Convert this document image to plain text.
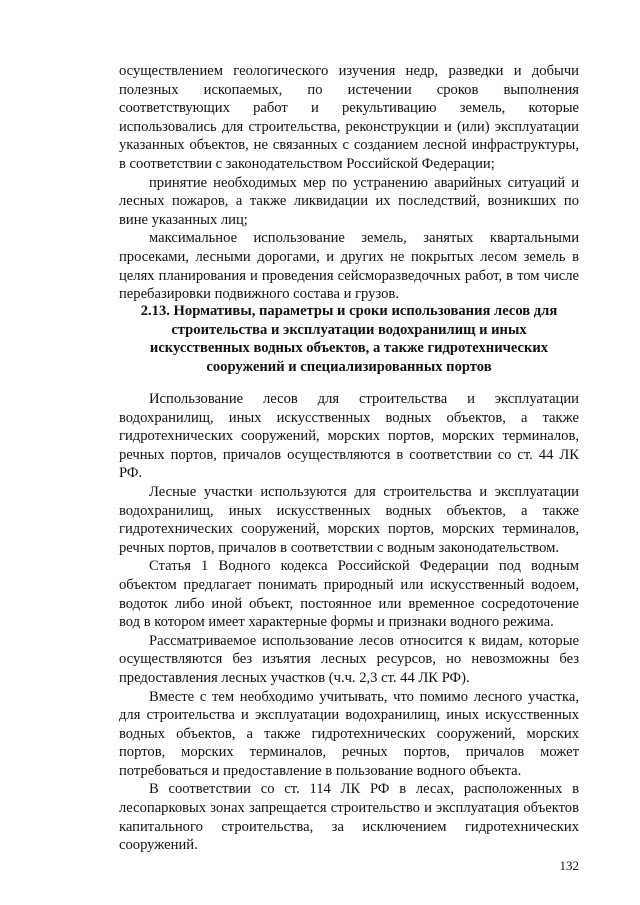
осуществлением геологического изучения недр, разведки и добычи полезных ископаемых, по истечении сроков выполнения соответствующих работ и рекультивацию земель, которые использовались для строительства, реконструкции и (или) эксплуатации указанных объектов, не связанных с созданием лесной инфраструктуры, в соответствии с законодательством Российской Федерации;

принятие необходимых мер по устранению аварийных ситуаций и лесных пожаров, а также ликвидации их последствий, возникших по вине указанных лиц;

максимальное использование земель, занятых квартальными просеками, лесными дорогами, и других не покрытых лесом земель в целях планирования и проведения сейсморазведочных работ, в том числе перебазировки подвижного состава и грузов.

2.13. Нормативы, параметры и сроки использования лесов для
строительства и эксплуатации водохранилищ и иных
искусственных водных объектов, а также гидротехнических
сооружений и специализированных портов

Использование лесов для строительства и эксплуатации водохранилищ, иных искусственных водных объектов, а также гидротехнических сооружений, морских портов, морских терминалов, речных портов, причалов осуществляются в соответствии со ст. 44 ЛК РФ.

Лесные участки используются для строительства и эксплуатации водохранилищ, иных искусственных водных объектов, а также гидротехнических сооружений, морских портов, морских терминалов, речных портов, причалов в соответствии с водным законодательством.

Статья 1 Водного кодекса Российской Федерации под водным объектом предлагает понимать природный или искусственный водоем, водоток либо иной объект, постоянное или временное сосредоточение вод в котором имеет характерные формы и признаки водного режима.

Рассматриваемое использование лесов относится к видам, которые осуществляются без изъятия лесных ресурсов, но невозможны без предоставления лесных участков (ч.ч. 2,3 ст. 44 ЛК РФ).

Вместе с тем необходимо учитывать, что помимо лесного участка, для строительства и эксплуатации водохранилищ, иных искусственных водных объектов, а также гидротехнических сооружений, морских портов, морских терминалов, речных портов, причалов может потребоваться и предоставление в пользование водного объекта.

В соответствии со ст. 114 ЛК РФ в лесах, расположенных в лесопарковых зонах запрещается строительство и эксплуатация объектов капитального строительства, за исключением гидротехнических сооружений.

132
